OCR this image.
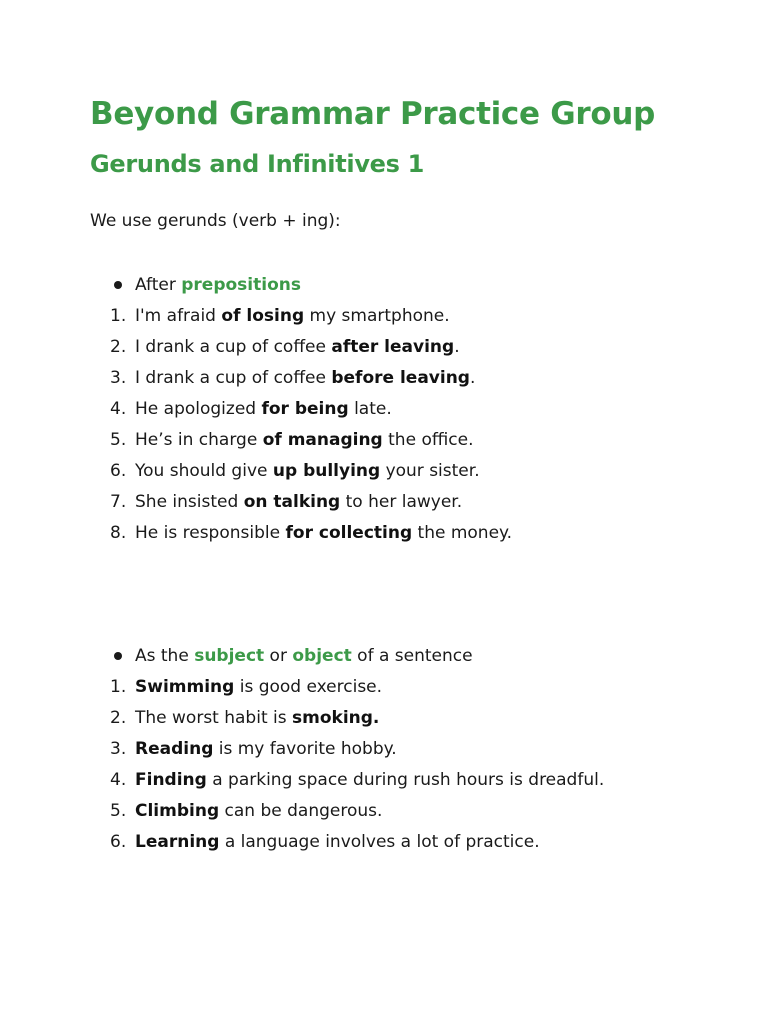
Beyond Grammar Practice Group
Gerunds and Infinitives 1

We use gerunds (verb + ing):

After prepositions
1. I'm afraid of losing my smartphone.
2. I drank a cup of coffee after leaving.
3. I drank a cup of coffee before leaving.
4. He apologized for being late.
5. He’s in charge of managing the office.
6. You should give up bullying your sister.
7. She insisted on talking to her lawyer.
8. He is responsible for collecting the money.
As the subject or object of a sentence
1. Swimming is good exercise.
2. The worst habit is smoking.
3. Reading is my favorite hobby.
4. Finding a parking space during rush hours is dreadful.
5. Climbing can be dangerous.
6. Learning a language involves a lot of practice.
